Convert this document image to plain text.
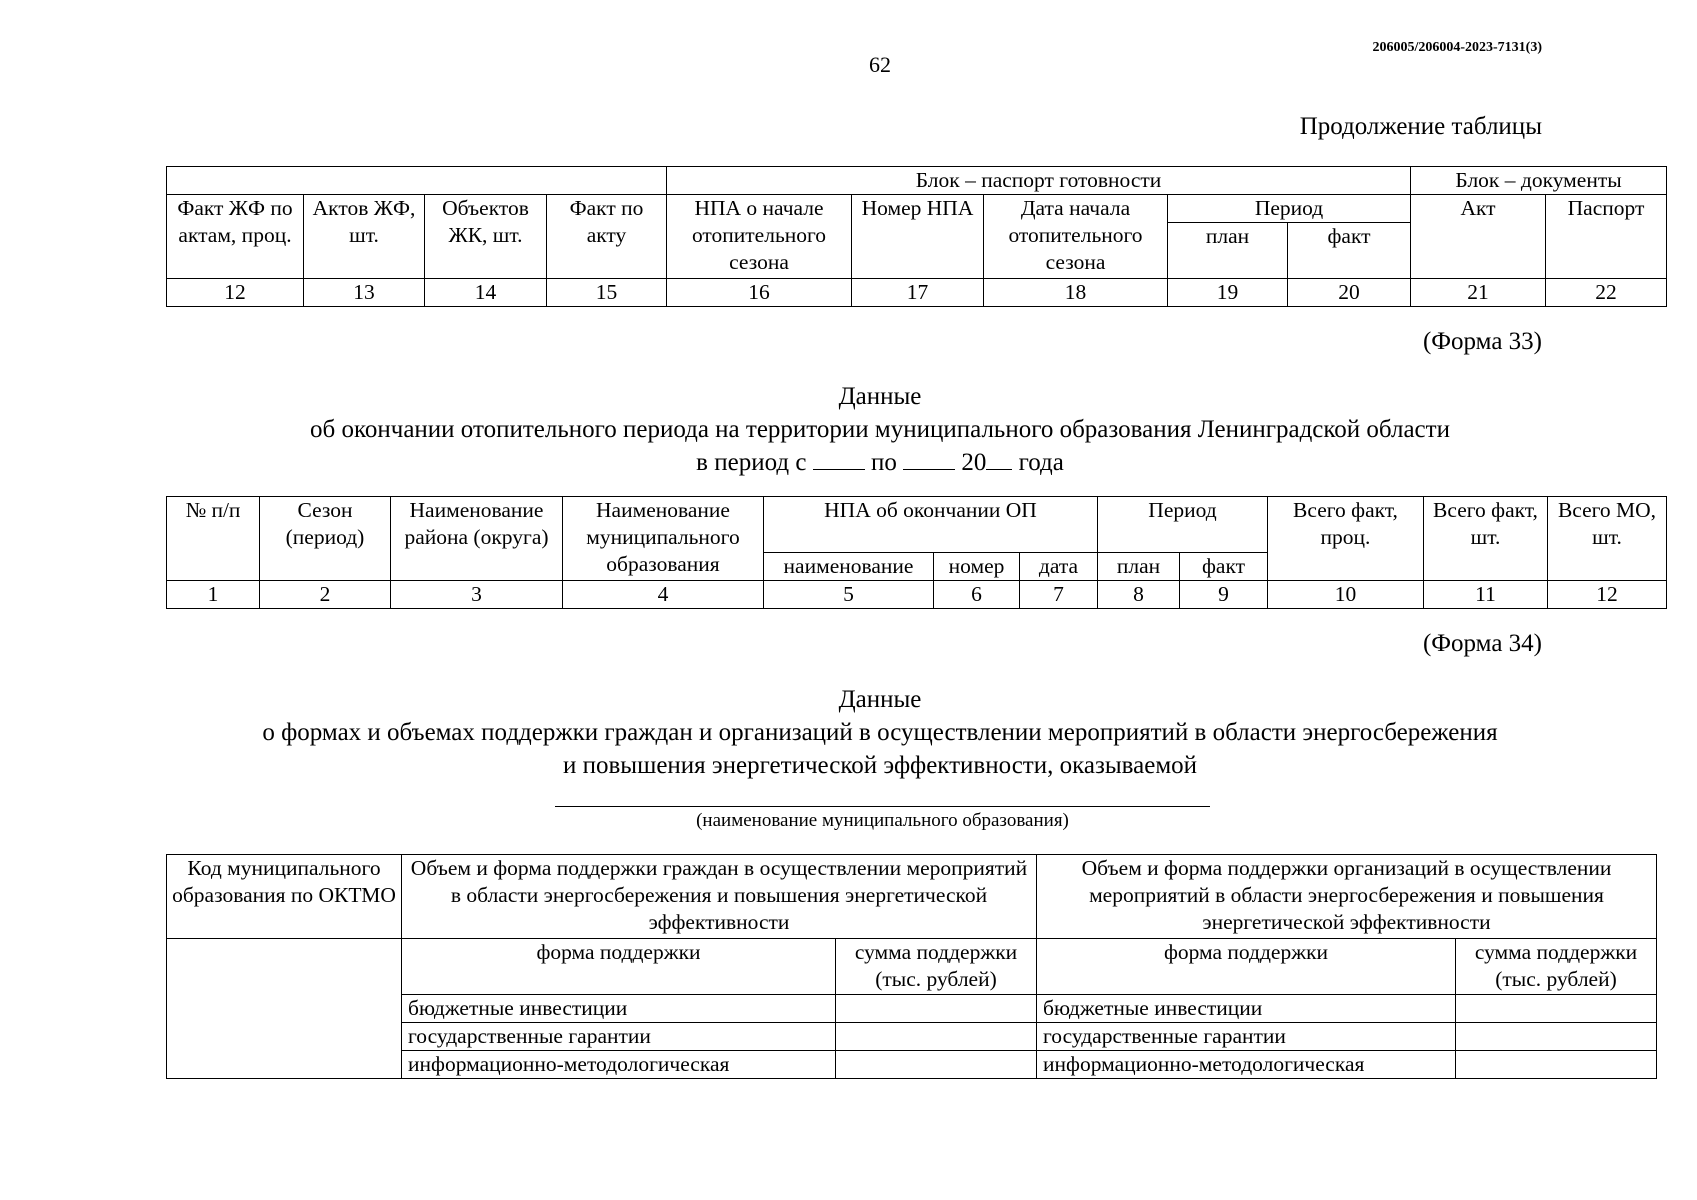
62
206005/206004-2023-7131(3)
Продолжение таблицы
				Блок – паспорт готовности					Блок – документы	
Факт ЖФ по актам, проц.	Актов ЖФ, шт.	Объектов ЖК, шт.	Факт по акту	НПА о начале отопительного сезона	Номер НПА	Дата начала отопительного сезона	Период		Акт	Паспорт
							план	факт		
12	13	14	15	16	17	18	19	20	21	22
(Форма 33)
Данные
об окончании отопительного периода на территории муниципального образования Ленинградской области
в период с	по	20 года
№ п/п	Сезон (период)	Наименование района (округа)	Наименование муниципального образования	НПА об окончании ОП			Период		Всего факт, проц.	Всего факт, шт.	Всего МО, шт.

				наименование	номер	дата	план	факт			
1	2	3	4	5	6	7	8	9	10	11	12
(Форма 34)
Данные
о формах и объемах поддержки граждан и организаций в осуществлении мероприятий в области энергосбережения
и повышения энергетической эффективности, оказываемой
(наименование муниципального образования)
Код муниципального образования по ОКТМО	Объем и форма поддержки граждан в осуществлении мероприятий в области энергосбережения и повышения энергетической эффективности		Объем и форма поддержки организаций в осуществлении мероприятий в области энергосбережения и повышения энергетической эффективности	
	форма поддержки	сумма поддержки (тыс. рублей)	форма поддержки	сумма поддержки (тыс. рублей)
	бюджетные инвестиции		бюджетные инвестиции	
	государственные гарантии		государственные гарантии	
	информационно-методологическая		информационно-методологическая	
